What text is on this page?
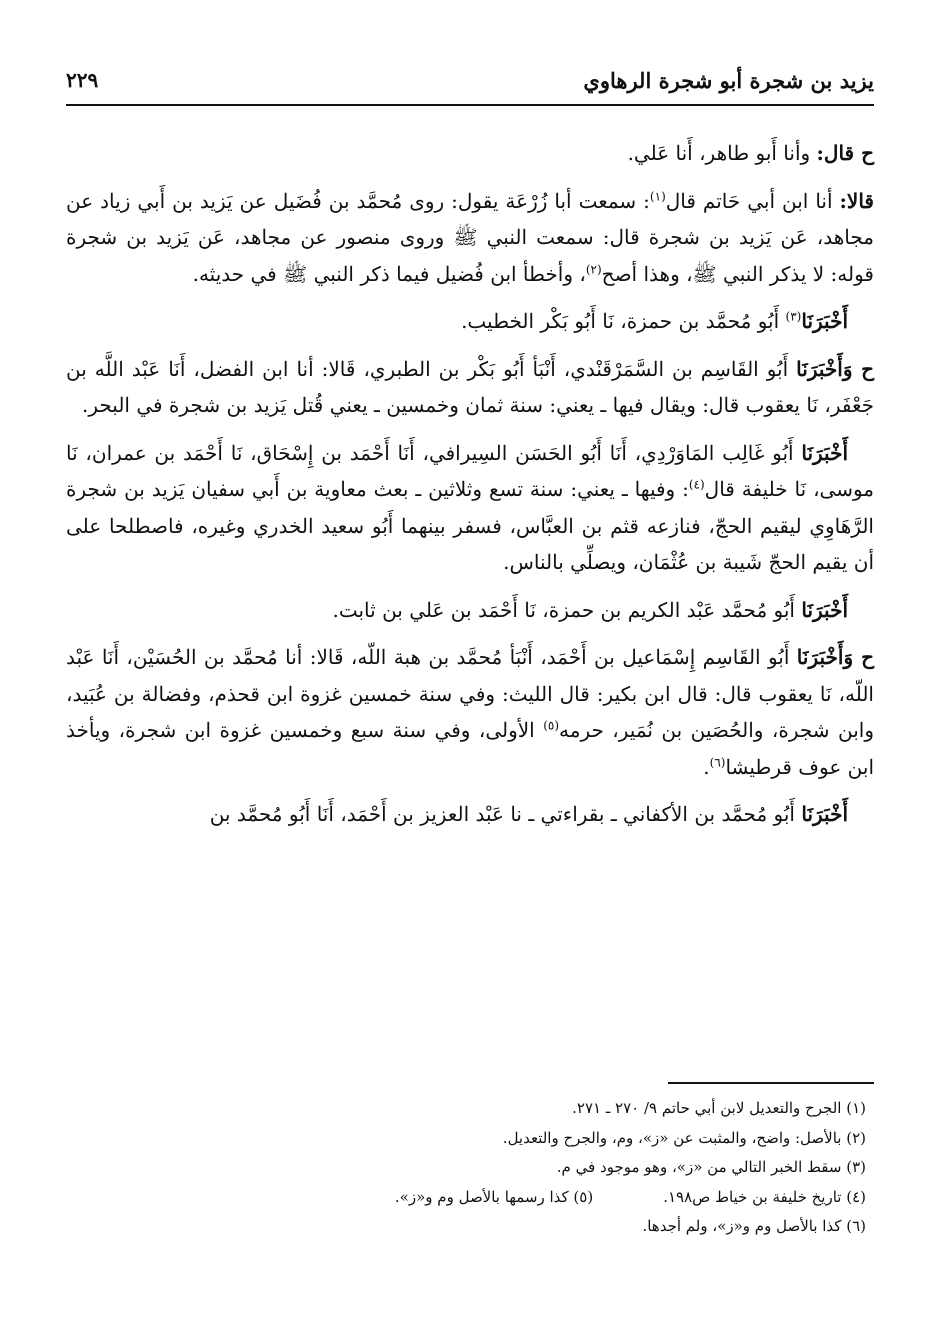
يزيد بن شجرة أبو شجرة الرهاوي
٢٢٩

ح قال: وأنا أَبو طاهر، أَنا عَلي.

قالا: أنا ابن أبي حَاتم قال$^{(١)}$: سمعت أبا زُرْعَة يقول: روى مُحمَّد بن فُضَيل عن يَزيد بن أَبي زياد عن مجاهد، عَن يَزيد بن شجرة قال: سمعت النبي ﷺ وروى منصور عن مجاهد، عَن يَزيد بن شجرة قوله: لا يذكر النبي ﷺ، وهذا أصح$^{(٢)}$، وأخطأ ابن فُضيل فيما ذكر النبي ﷺ في حديثه.

أَخْبَرَنَا$^{(٣)}$ أَبُو مُحمَّد بن حمزة، نَا أَبُو بَكْر الخطيب.

ح وَأَخْبَرَنَا أَبُو القَاسِم بن السَّمَرْقَنْدي، أَنْبَأ أَبُو بَكْر بن الطبري، قَالا: أنا ابن الفضل، أَنَا عَبْد اللَّه بن جَعْفَر، نَا يعقوب قال: ويقال فيها ـ يعني: سنة ثمان وخمسين ـ يعني قُتل يَزيد بن شجرة في البحر.

أَخْبَرَنَا أَبُو غَالِب المَاوَرْدِي، أَنَا أَبُو الحَسَن السِيرافي، أَنَا أَحْمَد بن إِسْحَاق، نَا أَحْمَد بن عمران، نَا موسى، نَا خليفة قال$^{(٤)}$: وفيها ـ يعني: سنة تسع وثلاثين ـ بعث معاوية بن أَبي سفيان يَزيد بن شجرة الرَّهَاوِي ليقيم الحجّ، فنازعه قثم بن العبَّاس، فسفر بينهما أَبُو سعيد الخدري وغيره، فاصطلحا على أن يقيم الحجّ شَيبة بن عُثْمَان، ويصلِّي بالناس.

أَخْبَرَنَا أَبُو مُحمَّد عَبْد الكريم بن حمزة، نَا أَحْمَد بن عَلي بن ثابت.

ح وَأَخْبَرَنَا أَبُو القَاسِم إِسْمَاعيل بن أَحْمَد، أَنْبَأ مُحمَّد بن هبة اللّه، قَالا: أنا مُحمَّد بن الحُسَيْن، أَنَا عَبْد اللّه، نَا يعقوب قال: قال ابن بكير: قال الليث: وفي سنة خمسين غزوة ابن قحذم، وفضالة بن عُبَيد، وابن شجرة، والحُصَين بن نُمَير، حرمه$^{(٥)}$ الأولى، وفي سنة سبع وخمسين غزوة ابن شجرة، ويأخذ ابن عوف قرطيشا$^{(٦)}$.

أَخْبَرَنَا أَبُو مُحمَّد بن الأكفاني ـ بقراءتي ـ نا عَبْد العزيز بن أَحْمَد، أَنَا أَبُو مُحمَّد بن

(١) الجرح والتعديل لابن أبي حاتم ٩/ ٢٧٠ ـ ٢٧١.
(٢) بالأصل: واضح، والمثبت عن «ز»، وم، والجرح والتعديل.
(٣) سقط الخبر التالي من «ز»، وهو موجود في م.
(٤) تاريخ خليفة بن خياط ص١٩٨.
(٥) كذا رسمها بالأصل وم و«ز».
(٦) كذا بالأصل وم و«ز»، ولم أجدها.
